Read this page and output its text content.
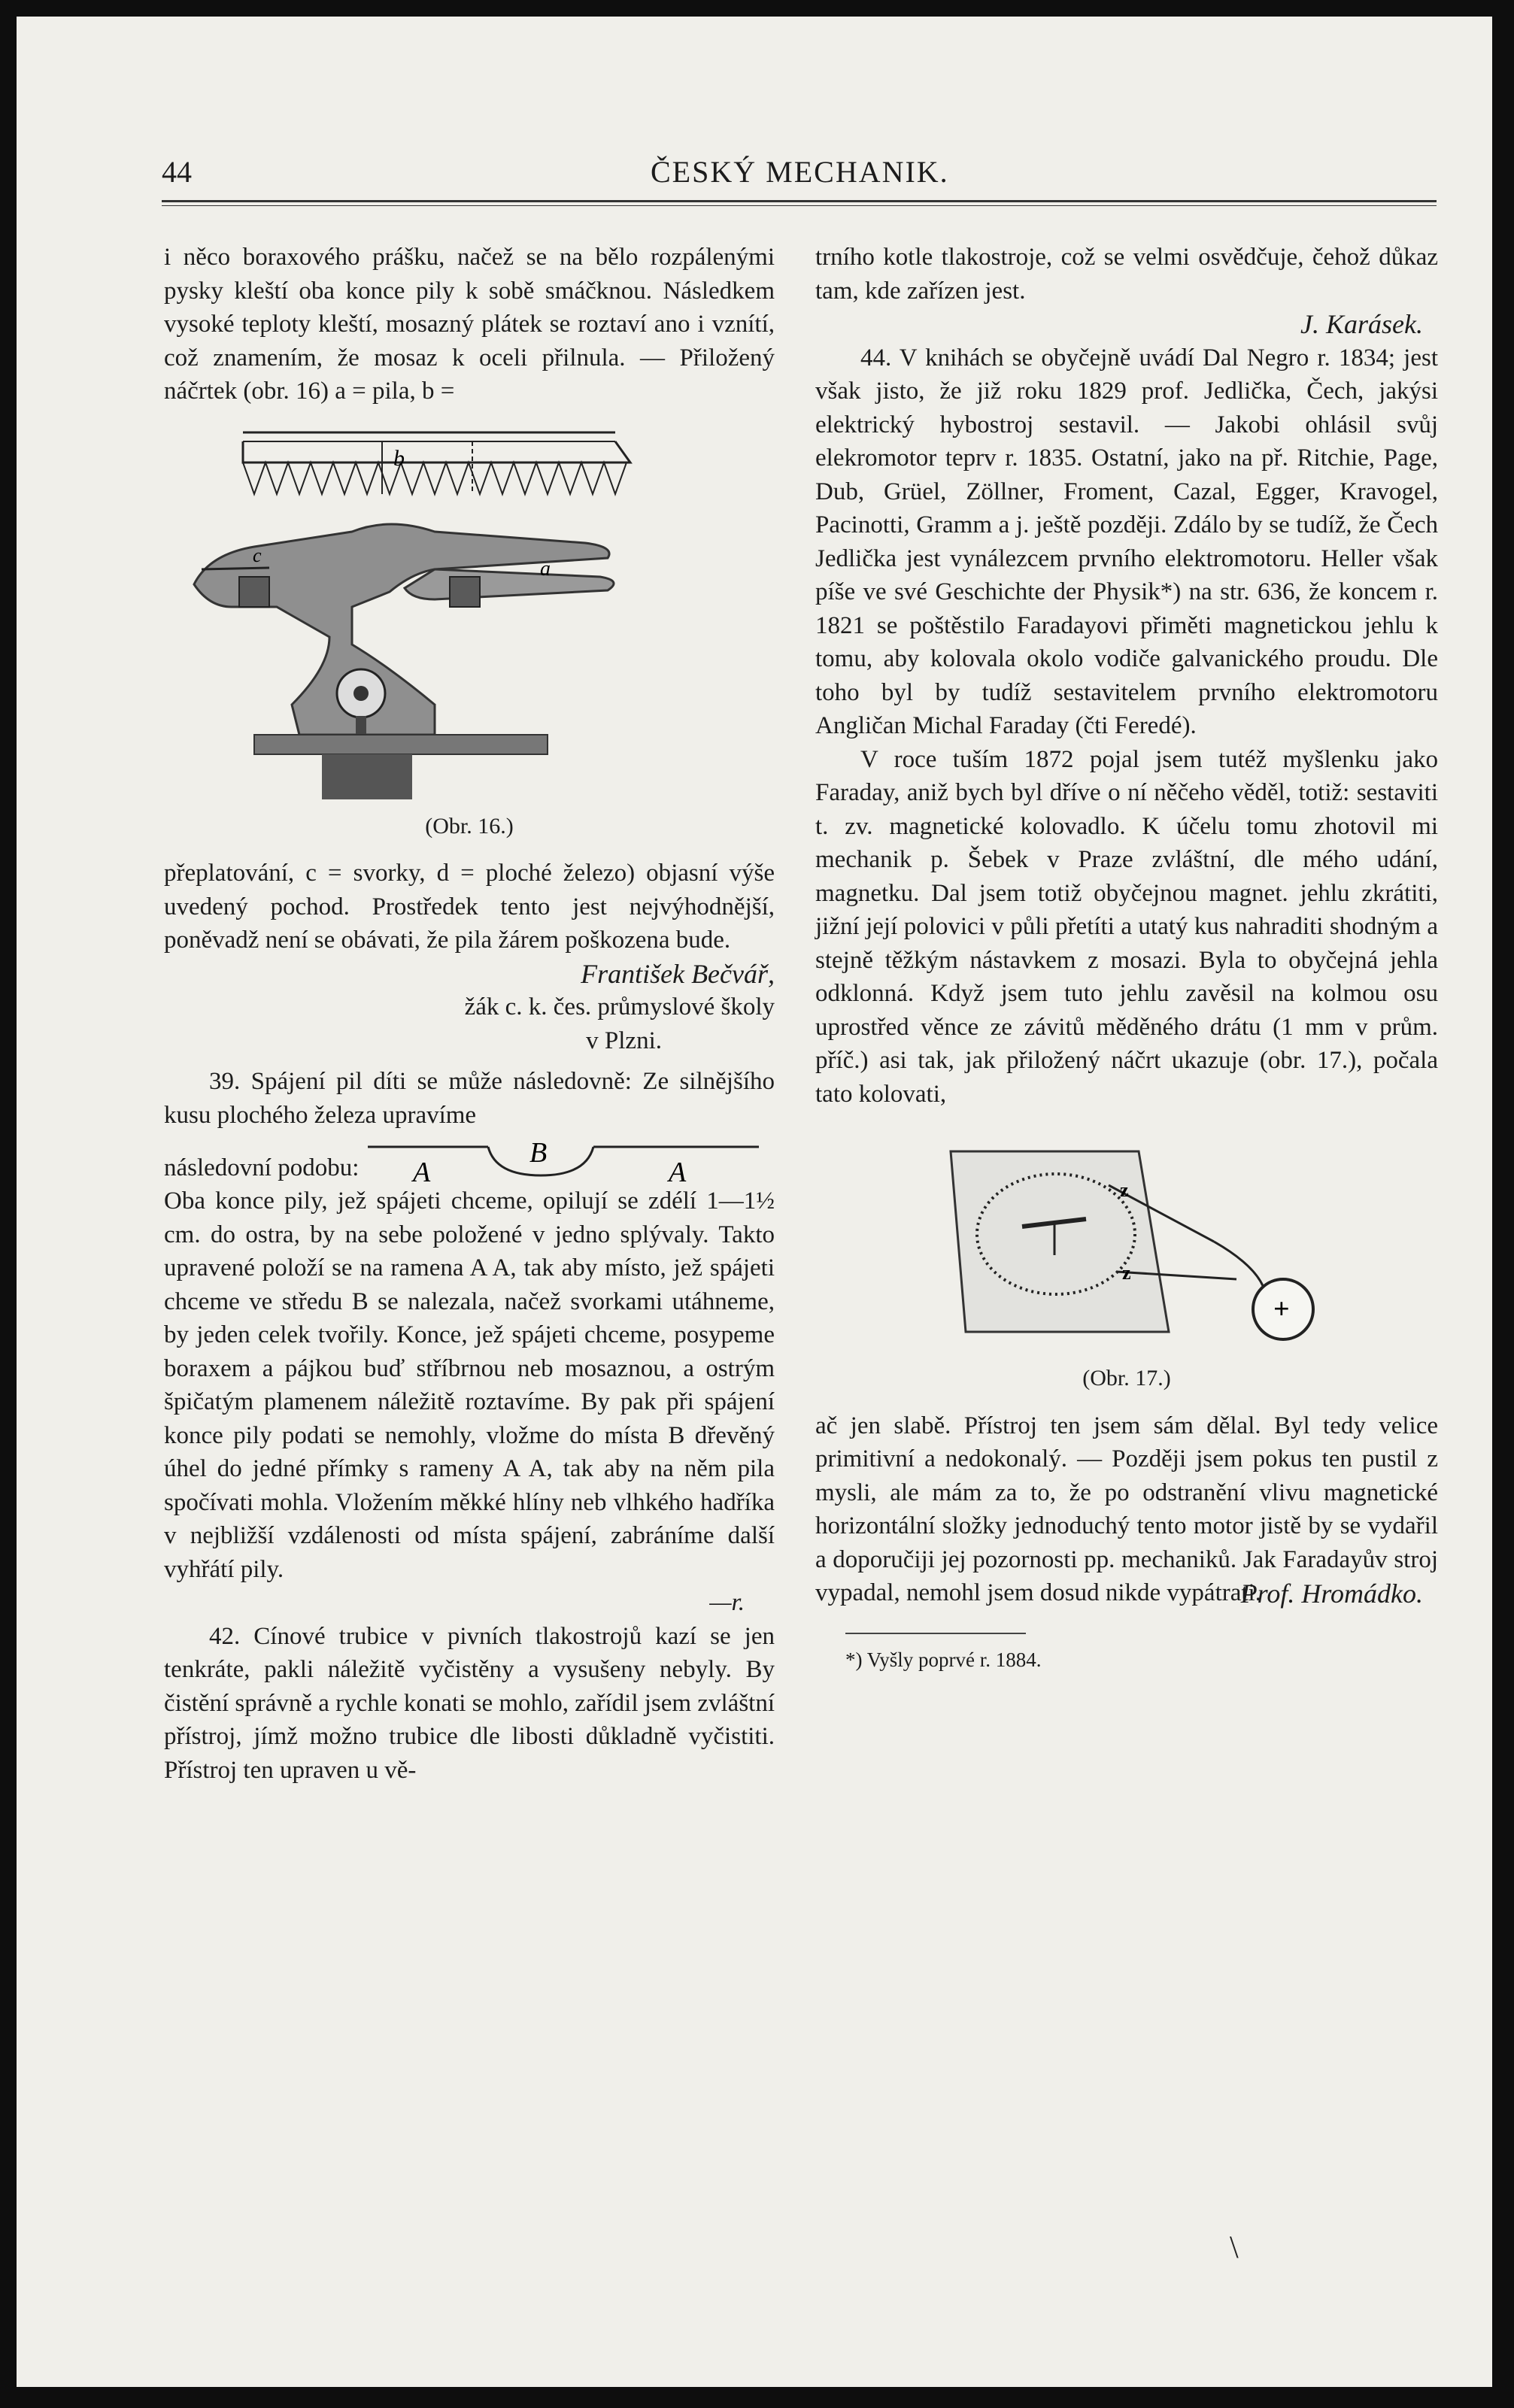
44	ČESKÝ MECHANIK.

i něco boraxového prášku, načež se na bělo rozpálenými pysky kleští oba konce pily k sobě smáčknou. Následkem vysoké teploty kleští, mosazný plátek se roztaví ano i vznítí, což znamením, že mosaz k oceli přilnula. — Přiložený náčrtek (obr. 16) a = pila, b =

b
c
a

(Obr. 16.)

přeplatování, c = svorky, d = ploché železo) objasní výše uvedený pochod. Prostředek tento jest nejvýhodnější, poněvadž není se obávati, že pila žárem poškozena bude.

František Bečvář,

žák c. k. čes. průmyslové školy

v Plzni.

39. Spájení pil díti se může následovně: Ze silnějšího kusu plochého železa upravíme

následovní podobu: A
B
A

Oba konce pily, jež spájeti chceme, opilují se zdélí 1—1½ cm. do ostra, by na sebe položené v jedno splývaly. Takto upravené položí se na ramena A A, tak aby místo, jež spájeti chceme ve středu B se nalezala, načež svorkami utáhneme, by jeden celek tvořily. Konce, jež spájeti chceme, posypeme boraxem a pájkou buď stříbrnou neb mosaznou, a ostrým špičatým plamenem náležitě roztavíme. By pak při spájení konce pily podati se nemohly, vložme do místa B dřevěný úhel do jedné přímky s rameny A A, tak aby na něm pila spočívati mohla. Vložením měkké hlíny neb vlhkého hadříka v nejbližší vzdálenosti od místa spájení, zabráníme další vyhřátí pily.

—r.

42. Cínové trubice v pivních tlakostrojů kazí se jen tenkráte, pakli náležitě vyčistěny a vysušeny nebyly. By čistění správně a rychle konati se mohlo, zařídil jsem zvláštní přístroj, jímž možno trubice dle libosti důkladně vyčistiti. Přístroj ten upraven u vě-

trního kotle tlakostroje, což se velmi osvědčuje, čehož důkaz tam, kde zařízen jest.

J. Karásek.

44. V knihách se obyčejně uvádí Dal Negro r. 1834; jest však jisto, že již roku 1829 prof. Jedlička, Čech, jakýsi elektrický hybostroj sestavil. — Jakobi ohlásil svůj elekromotor teprv r. 1835. Ostatní, jako na př. Ritchie, Page, Dub, Grüel, Zöllner, Froment, Cazal, Egger, Kravogel, Pacinotti, Gramm a j. ještě později. Zdálo by se tudíž, že Čech Jedlička jest vynálezcem prvního elektromotoru. Heller však píše ve své Geschichte der Physik*) na str. 636, že koncem r. 1821 se poštěstilo Faradayovi přiměti magnetickou jehlu k tomu, aby kolovala okolo vodiče galvanického proudu. Dle toho byl by tudíž sestavitelem prvního elektromotoru Angličan Michal Faraday (čti Feredé).

V roce tuším 1872 pojal jsem tutéž myšlenku jako Faraday, aniž bych byl dříve o ní něčeho věděl, totiž: sestaviti t. zv. magnetické kolovadlo. K účelu tomu zhotovil mi mechanik p. Šebek v Praze zvláštní, dle mého udání, magnetku. Dal jsem totiž obyčejnou magnet. jehlu zkrátiti, jižní její polovici v půli přetíti a utatý kus nahraditi shodným a stejně těžkým nástavkem z mosazi. Byla to obyčejná jehla odklonná. Když jsem tuto jehlu zavěsil na kolmou osu uprostřed věnce ze závitů měděného drátu (1 mm v prům. příč.) asi tak, jak přiložený náčrt ukazuje (obr. 17.), počala tato kolovati,

z
z
+

(Obr. 17.)

ač jen slabě. Přístroj ten jsem sám dělal. Byl tedy velice primitivní a nedokonalý. — Později jsem pokus ten pustil z mysli, ale mám za to, že po odstranění vlivu magnetické horizontální složky jednoduchý tento motor jistě by se vydařil a doporučiji jej pozornosti pp. mechaniků. Jak Faradayův stroj vypadal, nemohl jsem dosud nikde vypátrati.

Prof. Hromádko.

*) Vyšly poprvé r. 1884.

\
